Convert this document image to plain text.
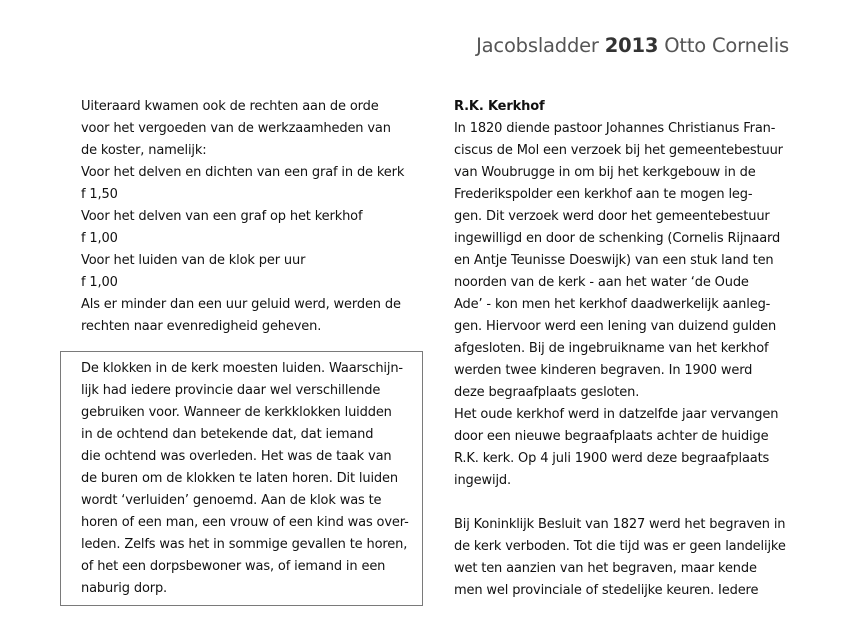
Jacobsladder 2013 Otto Cornelis
Uiteraard kwamen ook de rechten aan de orde
voor het vergoeden van de werkzaamheden van
de koster, namelijk:
Voor het delven en dichten van een graf in de kerk
f 1,50
Voor het delven van een graf op het kerkhof
f 1,00
Voor het luiden van de klok per uur
f 1,00
Als er minder dan een uur geluid werd, werden de
rechten naar evenredigheid geheven.
De klokken in de kerk moesten luiden. Waarschijn-
lijk had iedere provincie daar wel verschillende
gebruiken voor. Wanneer de kerkklokken luidden
in de ochtend dan betekende dat, dat iemand
die ochtend was overleden. Het was de taak van
de buren om de klokken te laten horen. Dit luiden
wordt ‘verluiden’ genoemd. Aan de klok was te
horen of een man, een vrouw of een kind was over-
leden. Zelfs was het in sommige gevallen te horen,
of het een dorpsbewoner was, of iemand in een
naburig dorp.
R.K. Kerkhof
In 1820 diende pastoor Johannes Christianus Fran-
ciscus de Mol een verzoek bij het gemeentebestuur
van Woubrugge in om bij het kerkgebouw in de
Frederikspolder een kerkhof aan te mogen leg-
gen. Dit verzoek werd door het gemeentebestuur
ingewilligd en door de schenking (Cornelis Rijnaard
en Antje Teunisse Doeswijk) van een stuk land ten
noorden van de kerk - aan het water ‘de Oude
Ade’ - kon men het kerkhof daadwerkelijk aanleg-
gen. Hiervoor werd een lening van duizend gulden
afgesloten. Bij de ingebruikname van het kerkhof
werden twee kinderen begraven. In 1900 werd
deze begraafplaats gesloten.
Het oude kerkhof werd in datzelfde jaar vervangen
door een nieuwe begraafplaats achter de huidige
R.K. kerk. Op 4 juli 1900 werd deze begraafplaats
ingewijd.
Bij Koninklijk Besluit van 1827 werd het begraven in
de kerk verboden. Tot die tijd was er geen landelijke
wet ten aanzien van het begraven, maar kende
men wel provinciale of stedelijke keuren. Iedere
